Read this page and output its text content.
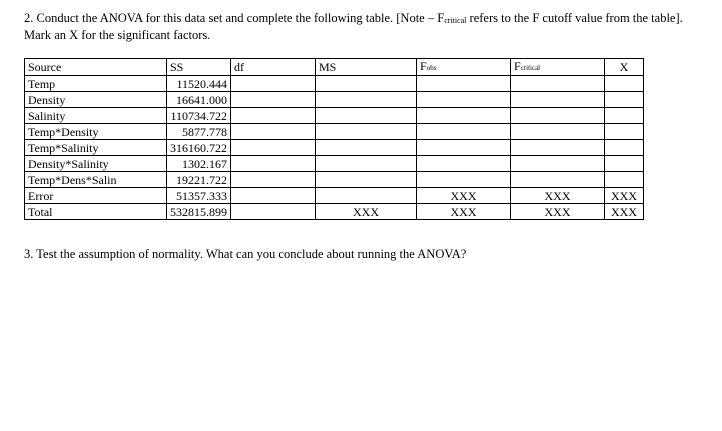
2. Conduct the ANOVA for this data set and complete the following table. [Note – $F_{critical}$ refers to the F cutoff value from the table]. Mark an X for the significant factors.
Source	SS	df	MS	Fobs	Fcritical	X
Temp	11520.444					
Density	16641.000					
Salinity	110734.722					
Temp*Density	5877.778					
Temp*Salinity	316160.722					
Density*Salinity	1302.167					
Temp*Dens*Salin	19221.722					
Error	51357.333			XXX	XXX	XXX
Total	532815.899		XXX	XXX	XXX	XXX
3. Test the assumption of normality. What can you conclude about running the ANOVA?
